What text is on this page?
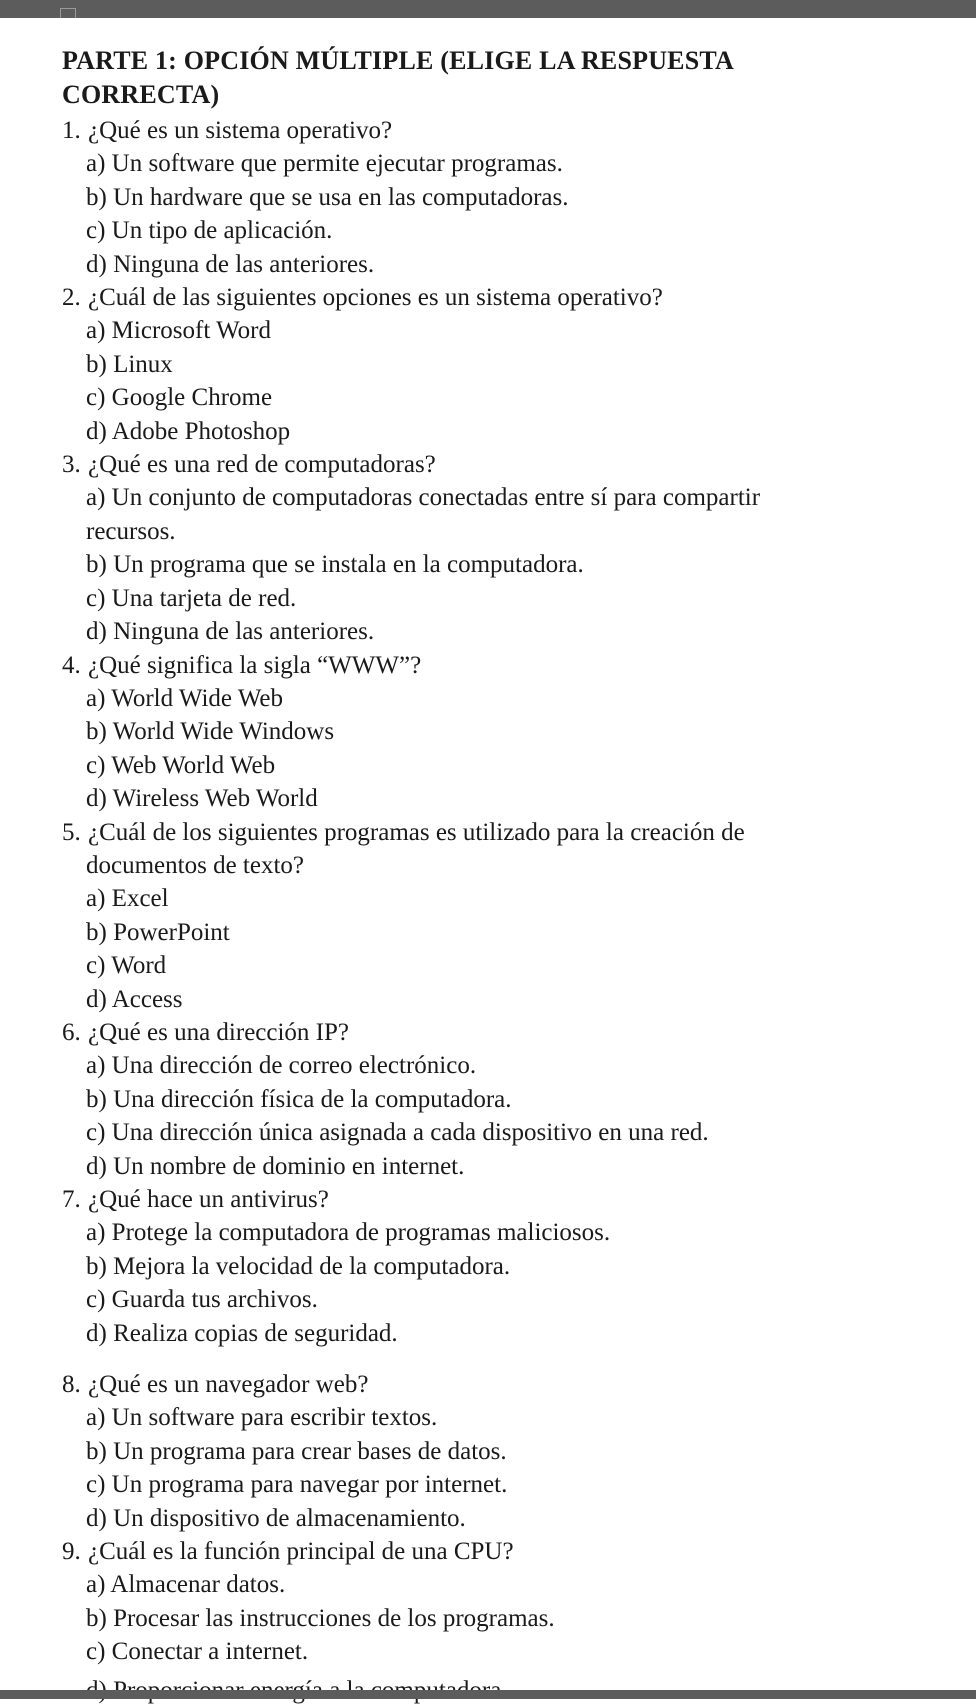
PARTE 1: OPCIÓN MÚLTIPLE (ELIGE LA RESPUESTA
CORRECTA)

1. ¿Qué es un sistema operativo?

a) Un software que permite ejecutar programas.

b) Un hardware que se usa en las computadoras.

c) Un tipo de aplicación.

d) Ninguna de las anteriores.

2. ¿Cuál de las siguientes opciones es un sistema operativo?

a) Microsoft Word

b) Linux

c) Google Chrome

d) Adobe Photoshop

3. ¿Qué es una red de computadoras?

a) Un conjunto de computadoras conectadas entre sí para compartir

recursos.

b) Un programa que se instala en la computadora.

c) Una tarjeta de red.

d) Ninguna de las anteriores.

4. ¿Qué significa la sigla “WWW”?

a) World Wide Web

b) World Wide Windows

c) Web World Web

d) Wireless Web World

5. ¿Cuál de los siguientes programas es utilizado para la creación de

documentos de texto?

a) Excel

b) PowerPoint

c) Word

d) Access

6. ¿Qué es una dirección IP?

a) Una dirección de correo electrónico.

b) Una dirección física de la computadora.

c) Una dirección única asignada a cada dispositivo en una red.

d) Un nombre de dominio en internet.

7. ¿Qué hace un antivirus?

a) Protege la computadora de programas maliciosos.

b) Mejora la velocidad de la computadora.

c) Guarda tus archivos.

d) Realiza copias de seguridad.

8. ¿Qué es un navegador web?

a) Un software para escribir textos.

b) Un programa para crear bases de datos.

c) Un programa para navegar por internet.

d) Un dispositivo de almacenamiento.

9. ¿Cuál es la función principal de una CPU?

a) Almacenar datos.

b) Procesar las instrucciones de los programas.

c) Conectar a internet.
